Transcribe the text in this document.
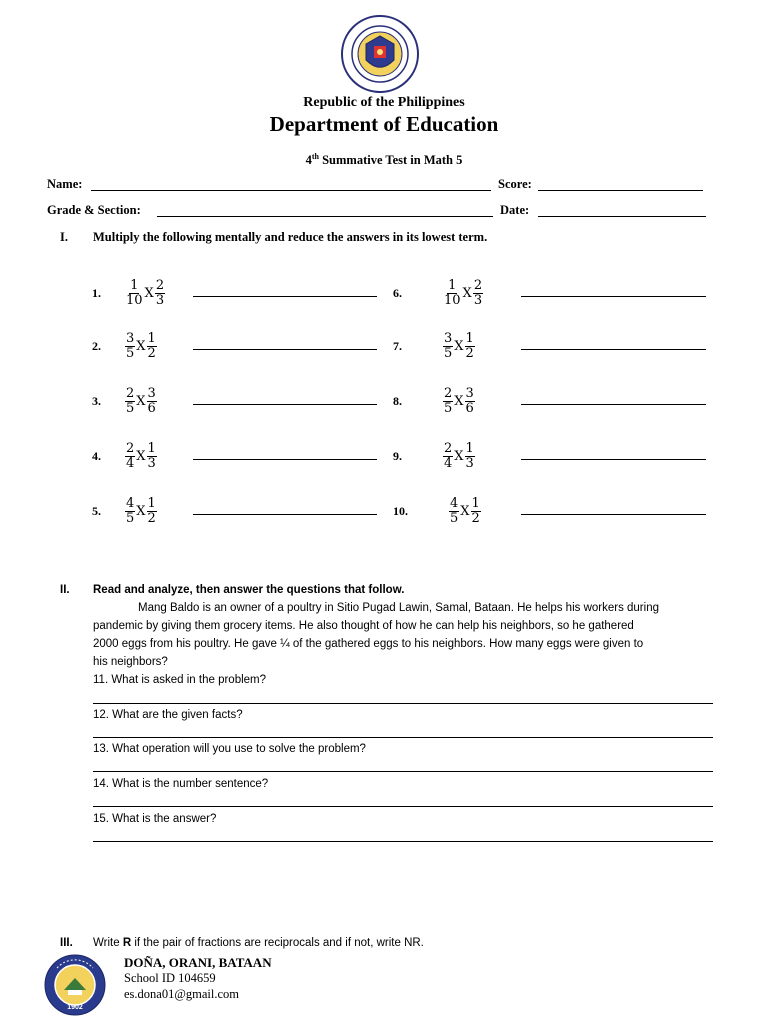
Republic of the Philippines
Department of Education
4th Summative Test in Math 5
Name:	Score:
Grade & Section:	Date:
I. Multiply the following mentally and reduce the answers in its lowest term.
1. $\frac{1}{10}$ X $\frac{2}{3}$
2. $\frac{3}{5}$ X $\frac{1}{2}$
3. $\frac{2}{5}$ X $\frac{3}{6}$
4. $\frac{2}{4}$ X $\frac{1}{3}$
5. $\frac{4}{5}$ X $\frac{1}{2}$
6.	$\frac{1}{10}$ X $\frac{2}{3}$
7.	$\frac{3}{5}$ X $\frac{1}{2}$
8.	$\frac{2}{5}$ X $\frac{3}{6}$
9.	$\frac{2}{4}$ X $\frac{1}{3}$
10.	$\frac{4}{5}$ X $\frac{1}{2}$
II. Read and analyze, then answer the questions that follow.
Mang Baldo is an owner of a poultry in Sitio Pugad Lawin, Samal, Bataan. He helps his workers during
pandemic by giving them grocery items. He also thought of how he can help his neighbors, so he gathered
2000 eggs from his poultry. He gave ¼ of the gathered eggs to his neighbors. How many eggs were given to
his neighbors?
11. What is asked in the problem?
12. What are the given facts?
13. What operation will you use to solve the problem?
14. What is the number sentence?
15. What is the answer?
III. Write R if the pair of fractions are reciprocals and if not, write NR.
1902
DOÑA, ORANI, BATAAN
School ID 104659
es.dona01@gmail.com
